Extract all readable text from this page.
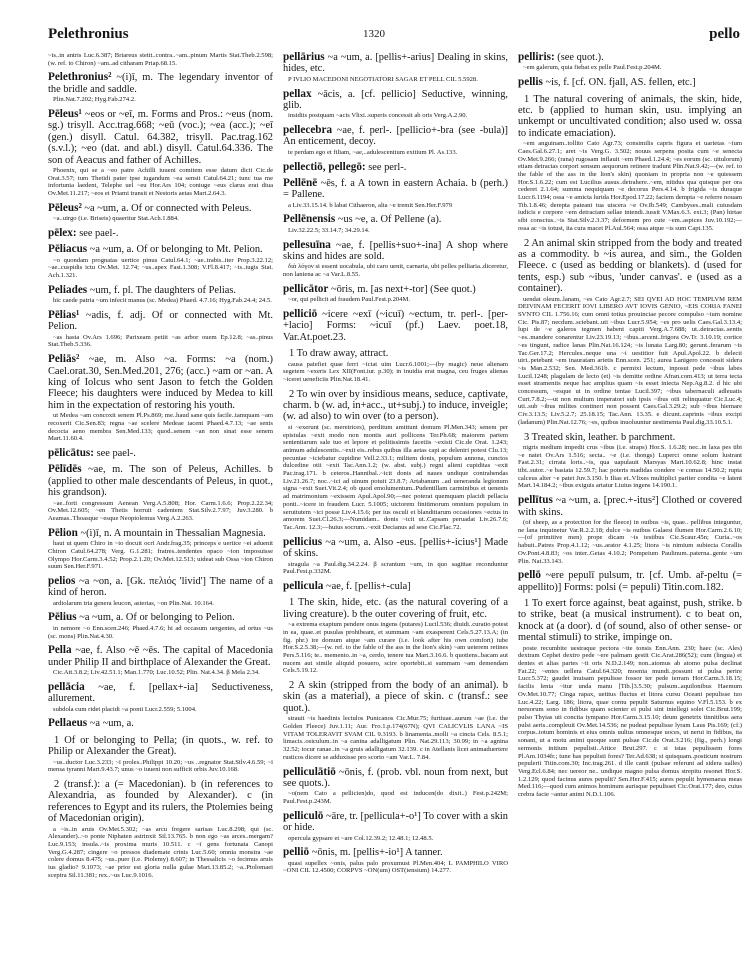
Pelethronius	1320	pello

~is..in antris Luc.6.387; Briareus stetit..contra..~am..pinum Martis Stat.Theb.2.598; (w. ref. to Chiron) ~am..ad citharam Priap.68.15.

Pelethronius² ~(i)ī, m. The legendary inventor of the bridle and saddle.

Plin.Nat.7.202; Hyg.Fab.274.2.

Pēleus¹ ~eos or ~eī, m. Forms and Pros.: ~eus (nom. sg.) trisyll. Acc.trag.668; ~eū (voc.); ~ea (acc.); ~eī (gen.) disyll. Catul. 64.382, trisyll. Pac.trag.162 (s.v.l.); ~eo (dat. and abl.) disyll. Catul.64.336. The son of Aeacus and father of Achilles.

Phoenix, qui se a ~eo patre Achilli iuueni comitem esse datum dicit Cic.de Orat.3.57; tum Thetidi pater ipse iugandum ~ea sensit Catul.64.21; tunc tua me infortunia laedent, Telephe uel ~eu Hor.Ars 104; coniuge ~eus clarus erat diua Ov.Met.11.217; ~eos et Priami transit et Nestoris aetas Mart.2.64.3.

Pēleus² ~a ~um, a. Of or connected with Peleus.

~a..uirgo (i.e. Briseis) quaeritur Stat.Ach.1.884.

pēlex: see pael-.

Pēliacus ~a ~um, a. Of or belonging to Mt. Pelion.

~o quondam prognatas uertice pinus Catul.64.1; ~ae..trabis..iter Prop.3.22.12; ~ae..cuspidis ictu Ov.Met. 12.74; ~us..apex Fast.1.308; V.Fl.8.417; ~is..iugis Stat. Ach.1.321.

Peliades ~um, f. pl. The daughters of Pelias.

hic caede patria ~um infecit manus (sc. Medea) Phaed. 4.7.16; Hyg.Fab.24.4; 24.5.

Pēlias¹ ~adis, f. adj. Of or connected with Mt. Pelion.

~as hasta Ov.Ars 1.696; Parixeam petiit ~as arbor ouem Ep.12.8; ~as..pinus Stat.Theb.5.336.

Peliās² ~ae, m. Also ~a. Forms: ~a (nom.) Cael.orat.30, Sen.Med.201, 276; (acc.) ~am or ~an. A king of Iolcus who sent Jason to fetch the Golden Fleece; his daughters were induced by Medea to kill him in the expectation of restoring his youth.

ut Medea ~am concoxit senem Pl.Ps.869; me..haud sane quis facile..tamquam ~am recoxerit Cic.Sen.83; regna ~ae scelere Medeae iacent Phaed.4.7.13; ~ae senis decocta aeno membra Sen.Med.133; quod..senem ~an non sinat esse senem Mart.11.60.4.

pēlicātus: see pael-.

Pēlīdēs ~ae, m. The son of Peleus, Achilles. b (applied to other male descendants of Peleus, in quot., his grandson).

~ae..forti congressum Aenean Verg.A.5.808; Hor. Carm.1.6.6; Prop.2.22.34; Ov.Met.12.605; ~en Thetis horruit cadentem Stat.Silv.2.7.97; Juv.3.280. b Aeamas..Thoasque ~esque Neoptolemus Verg.A.2.263.

Pēlion ~(i)ī, n. A mountain in Thessalian Magnesia.

haut ut quem Chiro in ~io docuit ocri Andr.frag.35; princeps e uertice ~ei aduenit Chiron Catul.64.278; Verg. G.1.281; fratres..tendentes opaco ~ion imposuisse Olympo Hor.Carm.3.4.52; Prop.2.1.20; Ov.Met.12.513; uideat sub Ossa ~ion Chiron suum Sen.Her.F.971.

pelios ~a ~on, a. [Gk. πελιός 'livid'] The name of a kind of heron.

ardiolarum tria genera leucon, asterias, ~on Plin.Nat. 10.164.

Pēlius ~a ~um, a. Of or belonging to Pelion.

in nemore ~o Enn.scen.246; Phaed.4.7.6; hi ad occasum uergentes, ad ortus ~us (sc. mons) Plin.Nat.4.30.

Pella ~ae, f. Also ~ē ~ēs. The capital of Macedonia under Philip II and birthplace of Alexander the Great.

Cic.Att.3.8.2; Liv.42.51.1; Man.1.770; Luc.10.52; Plin. Nat.4.34. β Mela 2.34.

pellācia ~ae, f. [pellax+-ia] Seductiveness, allurement.

subdola cum ridet placidi ~a ponti Lucr.2.559; 5.1004.

Pellaeus ~a ~um, a.

1 Of or belonging to Pella; (in quots., w. ref. to Philip or Alexander the Great).

~us..ductor Luc.3.233; ~ī proles..Philippi 10.20; ~us ..regnator Stat.Silv.4.6.59; ~ī mensa tyranni Mart.9.43.7; unus ~o iuueni non sufficit orbis Juv.10.168.

2 (transf.): a (= Macedonian). b (in references to Alexandria, as founded by Alexander). c (in references to Egypt and its rulers, the Ptolemies being of Macedonian origin).

a ~is..in aruis Ov.Met.5.302; ~as arcu fregere sarisas Luc.8.298; qui (sc. Alexander)..~o ponte Niphaten astrinxit Sil.13.765. b non ego ~as arces..mergam? Luc.9.153; insula..~is proxima muris 10.511. c ~ī gens fortunata Canopi Verg.G.4.287; cingere ~o pressos diademate crinis Luc.5.60; omnia monstra ~ae colere domus 8.475; ~us..puer (i.e. Ptolemy) 8.607; in Thessalicis ~o fecimus aruis ius gladio? 9.1073; ~ae prior est gloria nulla gulae Mart.13.85.2; ~a..Ptolomaei sceptra Sil.11.381; rex..~us Luc.9.1016.

pellārius ~a ~um, a. [pellis+-arius] Dealing in skins, hides, etc.

P IVLIO MACEDONI NEGOTIATORI SAGAR ET PELL CIL 5.5928.

pellax ~ācis, a. [cf. pellicio] Seductive, winning, glib.

insidiis postquam ~acis Vlixi..superis concessit ab oris Verg.A.2.90.

pellecebra ~ae, f. perl-. [pellicio+-bra (see -bula)] An enticement, decoy.

te perdam ego et filiam, ~ae,..adulescentium exitium Pl. As.133.

pellectiō, pellegō: see perl-.

Pellēnē ~ēs, f. a A town in eastern Achaia. b (perh.) = Pallene.

a Liv.33.15.14. b labat Cithaeron, alta ~e tremit Sen.Her.F.979

Pellēnensis ~us ~e, a. Of Pellene (a).

Liv.32.22.5; 33.14.7; 34.29.14.

pellesuīna ~ae, f. [pellis+suo+-ina] A shop where skins and hides are sold.

διὰ λόγον si essent uocabula, ubi caro uenit, carnaria, ubi pelles pelliaria..diceretur, non laniena ac ~a Var.L.8.55.

pellicātor ~ōris, m. [as next+-tor] (See quot.)

~or, qui pellicit ad fraudem Paul.Fest.p.204M.

pelliciō ~icere ~exī (~icuī) ~ectum, tr. perl-. [per-+lacio] Forms: ~icuī (pf.) Laev. poet.18, Var.At.poet.23.

1 To draw away, attract.

causa patefiet quae ferri ~iciat uim Lucr.6.1001;—(by magic) neue alienam segetem ~exeris Lex XII(Font.iur. p.30); in inuidia erat magna, ceu fruges alienas ~iceret ueneficiis Plin.Nat.18.41.

2 To win over by insidious means, seduce, captivate, charm. b (w. ad, in+acc., ut+subj.) to induce, inveigle; (w. ad also) to win over (to a person).

si ~exerunt (sc. meretrices), perditum amittunt domum Pl.Men.343; senem per epistulas ~exit modo non montis auri pollicens Ter.Ph.68; maiorem partem sententiarum sale tuo et lepore et politissimis facetiis ~existi Cic.de Orat. 1.243; animum adulescentis..~exit eis..rebus quibus illa aetas capi ac deleniri potest Clu.13; pecuniae ~iciebatur cupidine Vell.2.33.1; militem donis, populum annona, cunctos dulcedine otii ~exit Tac.Ann.1.2; (w. abst. subj.) regni alieni cupiditas ~exit Pac.trag.171. b ceteros..Hannibal..~icit donis ad naues undique contrahendas Liv.21.26.7; noc..~ici ad uinum potuit 23.8.7; Artabanum ..ad ueneranda legionum signa ~exit Suet.Vit.2.4; ob quod emolumentum..Pudentillam carminibus et uenenis ad matrimonium ~exissem Apul.Apol.90;—nec poterat quemquam placidi pellacia ponti..~icere in fraudem Lucr. 5.1005; uictorem finitimorum omnium populum in seruitutem ~ici posse Liv.4.15.6; per ius osculi et blanditiarum occasiones ~ectus in amorem Suet.Cl.26.3;—Numidam.. donis ~icit ut..Capsam peruadat Liv.26.7.6; Tac.Ann. 12.3;—huius socrum..~exit Decianus ad sese Cic.Flac.72.

pellicius ~a ~um, a. Also -eus. [pellis+-icius¹] Made of skins.

stragula ~a Paul.dig.34.2.24. β scrantum ~um, in quo sagittae reconduntur Paul.Fest.p.332M.

pellicula ~ae, f. [pellis+-cula]

1 The skin, hide, etc. (as the natural covering of a living creature). b the outer covering of fruit, etc.

~a extrema exaptum pendere onus ingens (putares) Lucil.536; diuidi..curatio potest in ea, quae..et pusulas prohibeant, et summam ~am exasperent Cels.5.27.13.A; (in fig. phr.) ire domum atque ~am curare (i.e. look after his own comfort) iube Hor.S.2.5.38;—(w. ref. to the fable of the ass in the lion's skin) ~am ueterem retines Pers.5.116; te.. memento..in ~a, cerdo, tenere tua Mart.3.16.6. b quotiens..bacam aut nucem aut simile aliquid posuero, scire oportebit..si summam ~am demendam Cels.5.19.12.

2 A skin (stripped from the body of an animal). b skin (as a material), a piece of skin. c (transf.: see quot.).

strauit ~is haedinis lectulos Punicanos Cic.Mur.75; furtiuae..aurum ~ae (i.e. the Golden Fleece) Juv.1.11; Aur. Fro.1.p.174(67N); QVI CALICVLIS LANA ~IS VITAM TOLERAVIT SVAM CIL 9.3193. b linamenta..molli ~a cincta Cels. 8.5.1; limacis..osiculum..in ~a canina adalligatum Plin. Nat.29.113; 30.99; in ~a agnina 32.52; iocur ranae..in ~a gruis adalligatum 32.139. c in Atellanis licet animaduertere rusticos dicere se adduxisse pro scorto ~am Var.L. 7.84.

pelliculātiō ~ōnis, f. (prob. vbl. noun from next, but see quots.).

~o(nem Cato a pellicien)do, quod est inducen(do dixit..) Fest.p.242M; Paul.Fest.p.243M.

pelliculō ~āre, tr. [pellicula+-o¹] To cover with a skin or hide.

opercula gypsare et ~are Col.12.39.2; 12.48.1; 12.48.5.

pelliō ~ōnis, m. [pellis+-io¹] A tanner.

quasi supellex ~onis, palus palo proxumust Pl.Men.404; L PAMPHILO VIRO ~ONI CIL 12.4500; CORPVS ~ON(um) OST(iensium) 14.277.

pelliris: (see quot.).

~em galerum, quia fiebat ex pelle Paul.Fest.p.204M.

pellis ~is, f. [cf. ON. fjall, AS. fellen, etc.]

1 The natural covering of animals, the skin, hide, etc. b (applied to human skin, usu. implying an unkempt or uncultivated condition; also used w. ossa to indicate emaciation).

~em anguinam..tollito Cato Agr.73; consimilis capris figura et uarietas ~ium Caes.Gal.6.27.1; aret ~is Verg.G. 3.502; nouus serpens posita cum ~e senecta Ov.Met.9.266; (rana) rugosam inflauit ~em Phaed.1.24.4; ~es eorum (sc. uitulorum) etiam detractas corpori sensum aequorum retinere tradunt Plin.Nat.9.42;—(w. ref. to the fable of the ass in the lion's skin) quoniam in propria non ~e quiessem Hor.S.1.6.22; cum est Lucilius ausus..detrahere..~em, nitidus qua quisque per ora cederet 2.1.64; summa nequiquam ~e decorus Pers.4.14. b frigida ~is duraque Lucr.6.1194; ossa ~e amicta lurida Hor.Epod.17.22; faciem dempta ~e referre nouam Tib.1.8.46; derepta pateant tua uiscera ~e Ov.Ib.549; Cambyses..mali cuiusdam iudicis e corpore ~em detractam sellae intendi..iussit V.Max.6.3. ext.3; (Pan) hirtae sibi conscius..~is Stat.Silv.2.3.37; deformem pro cute ~em..aspices Juv.10.192;—ossa ac ~is totust, ita cura macet Pl.Aul.564; ossa atque ~is sum Capt.135.

2 An animal skin stripped from the body and treated as a commodity. b ~is aurea, and sim., the Golden Fleece. c (used as bedding or blankets). d (used for tents, esp.) sub ~ibus, 'under canvas'. e (used as a container).

uendat oleum..lanam, ~es Cato Agr.2.7; SEI QVEI AD HOC TEMPLVM REM DEIVINAM FECERIT IOVI LIBERO AVT IOVIS GENIO, ~EIS CORIA FANEI SVNTO CIL 1.756.16; cum omni totius prouinciae pecore compulso ~ium nomine Cic. Pis.87; necdum..sciebant..uti ~ibus Lucr.5.954; ~es pro uelis Caes.Gal.3.13.4; lupi de ~e galeros tegmen habent capiti Verg.A.7.688; ut..detractas..sentis ~es..mandere conarentur Liv.23.19.13; ~ibus..arcent..frigora Ov.Tr. 3.10.19; cortice ~es tingunt, radice lanas Plin.Nat.16.124; ~is lunata Larg.80; gerunt..ferarum ~is Tac.Ger.17.2; Hercules..neque una ~i uestitior fuit Apul.Apol.22. b delecti uiri..petebant ~em inauratam arietis Enn.scen. 251; aurea Lanigero concessit sidera ~is Man.2.532; Sen. Med.361b. c permixi lectum, inposui pede ~ibus labes Lucil.1248; plagulam de lecto (et) ~is demitte ordine Afran.com.413; ut terra tecta esset stramentis neque hac amplius quam ~is esset iniecta Nep.Ag.8.2. d hic ubi concessum, ~esque ut in ordine tentae Lucil.397; ~ibus tabernaculi adleuatis Curt.7.8.2;—ut non multum imperatori sub ipsis ~ibus otii relinquatur Cic.Luc.4; uti..sub ~ibus milites contineri non possent Caes.Gal.3.29.2; sub ~ibus hiemare Civ.3.13.5; Liv.5.2.7; 25.18.15; Tac.Ann. 13.35. e dicunt..caprinis ~ibus excipi (ladanum) Plin.Nat.12.76; ~es, quibus inuoluuntur uestimenta Paul.dig.33.10.5.1.

3 Treated skin, leather. b parchment.

nigris medium impedit crus ~ibus (i.e. straps) Hor.S. 1.6.28; nec..in laxa pes tibi ~e natet Ov.Ars 1.516; secta.. ~e (i.e. thongs) Luperci omne solum lustrant Fast.2.31; cirrata loris..~is, qua uapulauit Marsyas Mart.10.62.8; hinc instat tibi..sutor..~e basiata 12.59.7; hac poteris madidas condere ~e comas 14.50.2; rupta calceus alter ~e patet Juv.3.150. b Ilias et..Vlixes multiplici pariter condita ~e latent Mart.14.184.2; ~ibus exiguis artatur Liuius ingens 14.190.1.

pellītus ~a ~um, a. [prec.+-itus²] Clothed or covered with skins.

(of sheep, as a protection for the fleece) in ouibus ~is, quae.. pellibus integuntur, ne lana inquinetur Var.R.2.2.18; dulce ~is ouibus Galaesi flumen Hor.Carm.2.6.10;—(of primitive men) prope dicam ~is testibus Cic.Scaur.45n; Curia..~os habuit..Patres Prop.4.1.12; ~us..arator 4.1.25; litora ~is nimium subiecta Corallis Ov.Pont.4.8.83; ~os inter..Getas 4.10.2; Pompeium Paulinum..paterna..gente ~um Plin. Nat.33.143.

pellō ~ere pepulī pulsum, tr. [cf. Umb. ař-peltu (= appellito)] Forms: polsi (= pepuli) Titin.com.182.

1 To exert force against, beat against, push, strike. b to strike, beat (a musical instrument). c to beat on, knock at (a door). d (of sound, also of other sense- or mental stimuli) to strike, impinge on.

poste recumbite uestraque pectora ~ite tonsis Enn.Ann. 230; haec (sc. Ales) dextram Cephei dextro pede ~ere palmam gestit Cic.Arat.286(52); cum (lingua) et dentes et alias partes ~it oris N.D.2.149; non..atomus ab atomo pulsa declinat Fat.22; ~entes uellera Catul.64.320; moenia mundi..possunt ui pulsa perire Lucr.5.372; gaudet inuisam pepulisse fossor ter pede terram Hor.Carm.3.18.15; facilis lenta ~itur unda manu [Tib.]3.5.30; pulsum..aquilonibus Haemum Ov.Met.10.77; Cinga rapax, uetitus fluctus et litora cursu Oceani pepulisse tuo Luc.4.22; Larg. 186; litora, quae cornu pepulit Saturnus equino V.Fl.5.153. b ex neruorum sono in fidibus quam scienter ei pulsi sint intellegi solet Cic.Brut.199; pulso Thyias uti concita tympano Hor.Carm.3.15.10; deum genetrix tinnitibus aera pulsi aeris..compleuit Ov.Met.14.536; ne pudeat pepulisse lyram Laus Pis.169; (cf.) corpus..totum hominis et eius omnis uultus omnesque uoces, ut nerui in fidibus, ita sonant, ut a motu animi quoque sunt pulsae Cic.de Orat.3.216; (fig., perh.) longi sermonis initium pepulisti..Attice Brut.297. c si istas pepulissem fores Pl.Am.1034fr.; tune has pepulisti fores? Ter.Ad.638; si quisquam..posticum nostrum pepulerit Titin.com.30; Inc.trag.261. d ille canit (pulsae referunt ad sidera ualles) Verg.Ecl.6.84; nec uereor ne.. undique magno pulsa domus strepitu resonet Hor.S. 1.2.129; quod facinus aures pepulit? Sen.Her.F.415; aures pepulit hymenaeus meas Med.116;—quod cum animos hominum aurisque pepulisset Cic.Orat.177; deo, cuius crebra facie ~antur animi N.D.1.106.
